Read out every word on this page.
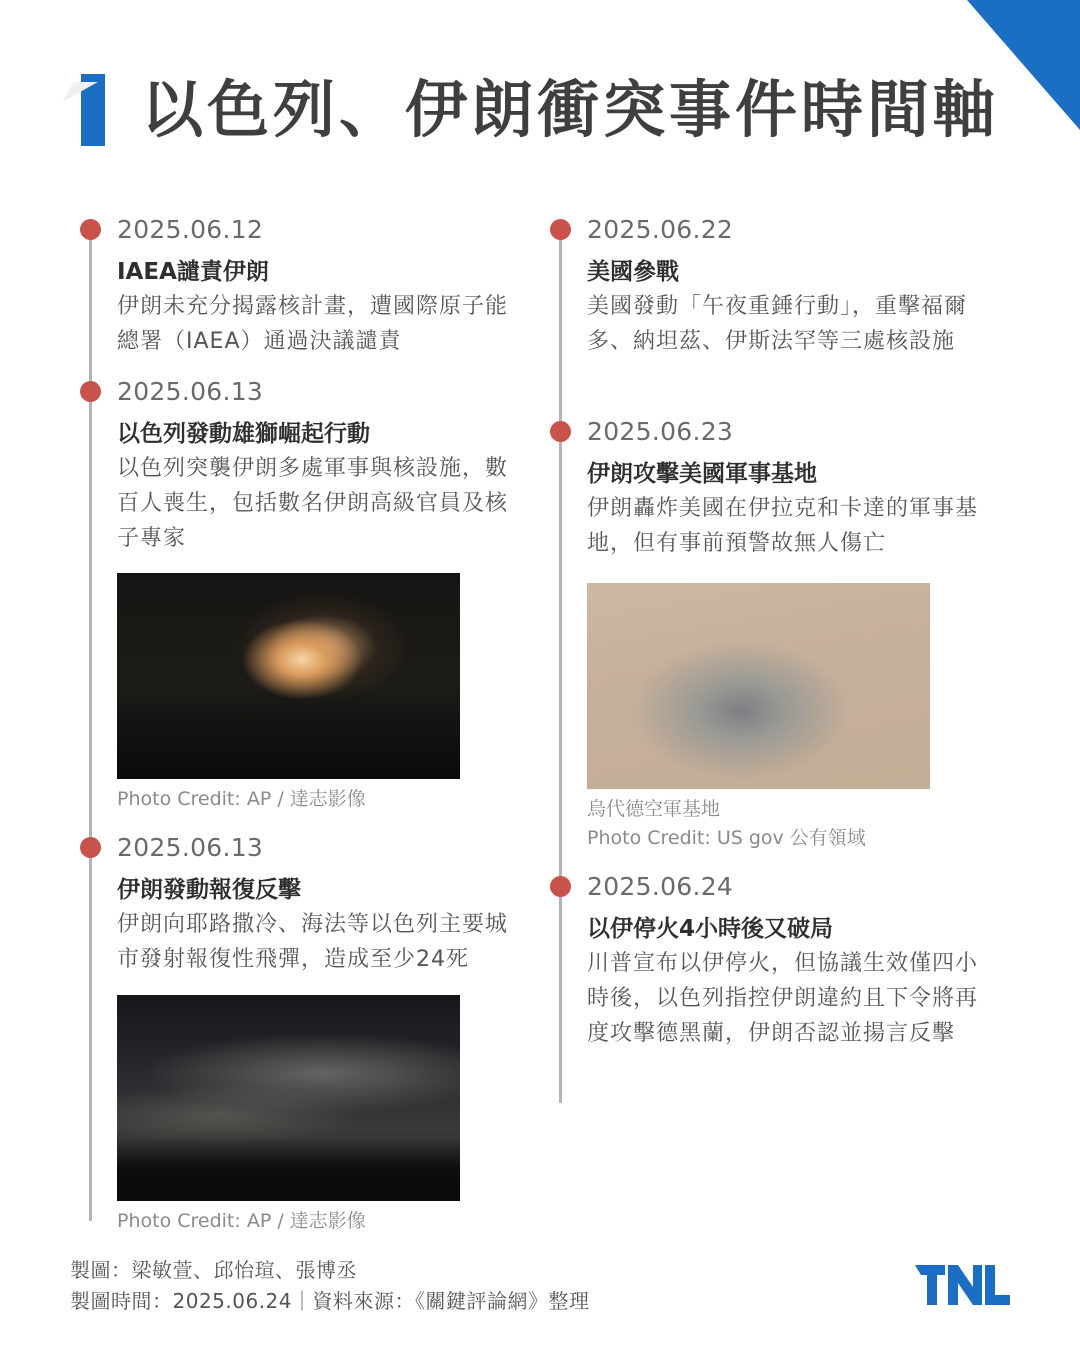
以色列、伊朗衝突事件時間軸
2025.06.12
IAEA譴責伊朗
伊朗未充分揭露核計畫，遭國際原子能總署（IAEA）通過決議譴責
2025.06.13
以色列發動雄獅崛起行動
以色列突襲伊朗多處軍事與核設施，數百人喪生，包括數名伊朗高級官員及核子專家
Photo Credit: AP / 達志影像
2025.06.13
伊朗發動報復反擊
伊朗向耶路撒冷、海法等以色列主要城市發射報復性飛彈，造成至少24死
Photo Credit: AP / 達志影像
2025.06.22
美國參戰
美國發動「午夜重錘行動」，重擊福爾多、納坦茲、伊斯法罕等三處核設施
2025.06.23
伊朗攻擊美國軍事基地
伊朗轟炸美國在伊拉克和卡達的軍事基地，但有事前預警故無人傷亡
烏代德空軍基地
Photo Credit: US gov 公有領域
2025.06.24
以伊停火4小時後又破局
川普宣布以伊停火，但協議生效僅四小時後，以色列指控伊朗違約且下令將再度攻擊德黑蘭，伊朗否認並揚言反擊
製圖：梁敏萱、邱怡瑄、張博丞
製圖時間：2025.06.24｜資料來源：《關鍵評論網》整理
